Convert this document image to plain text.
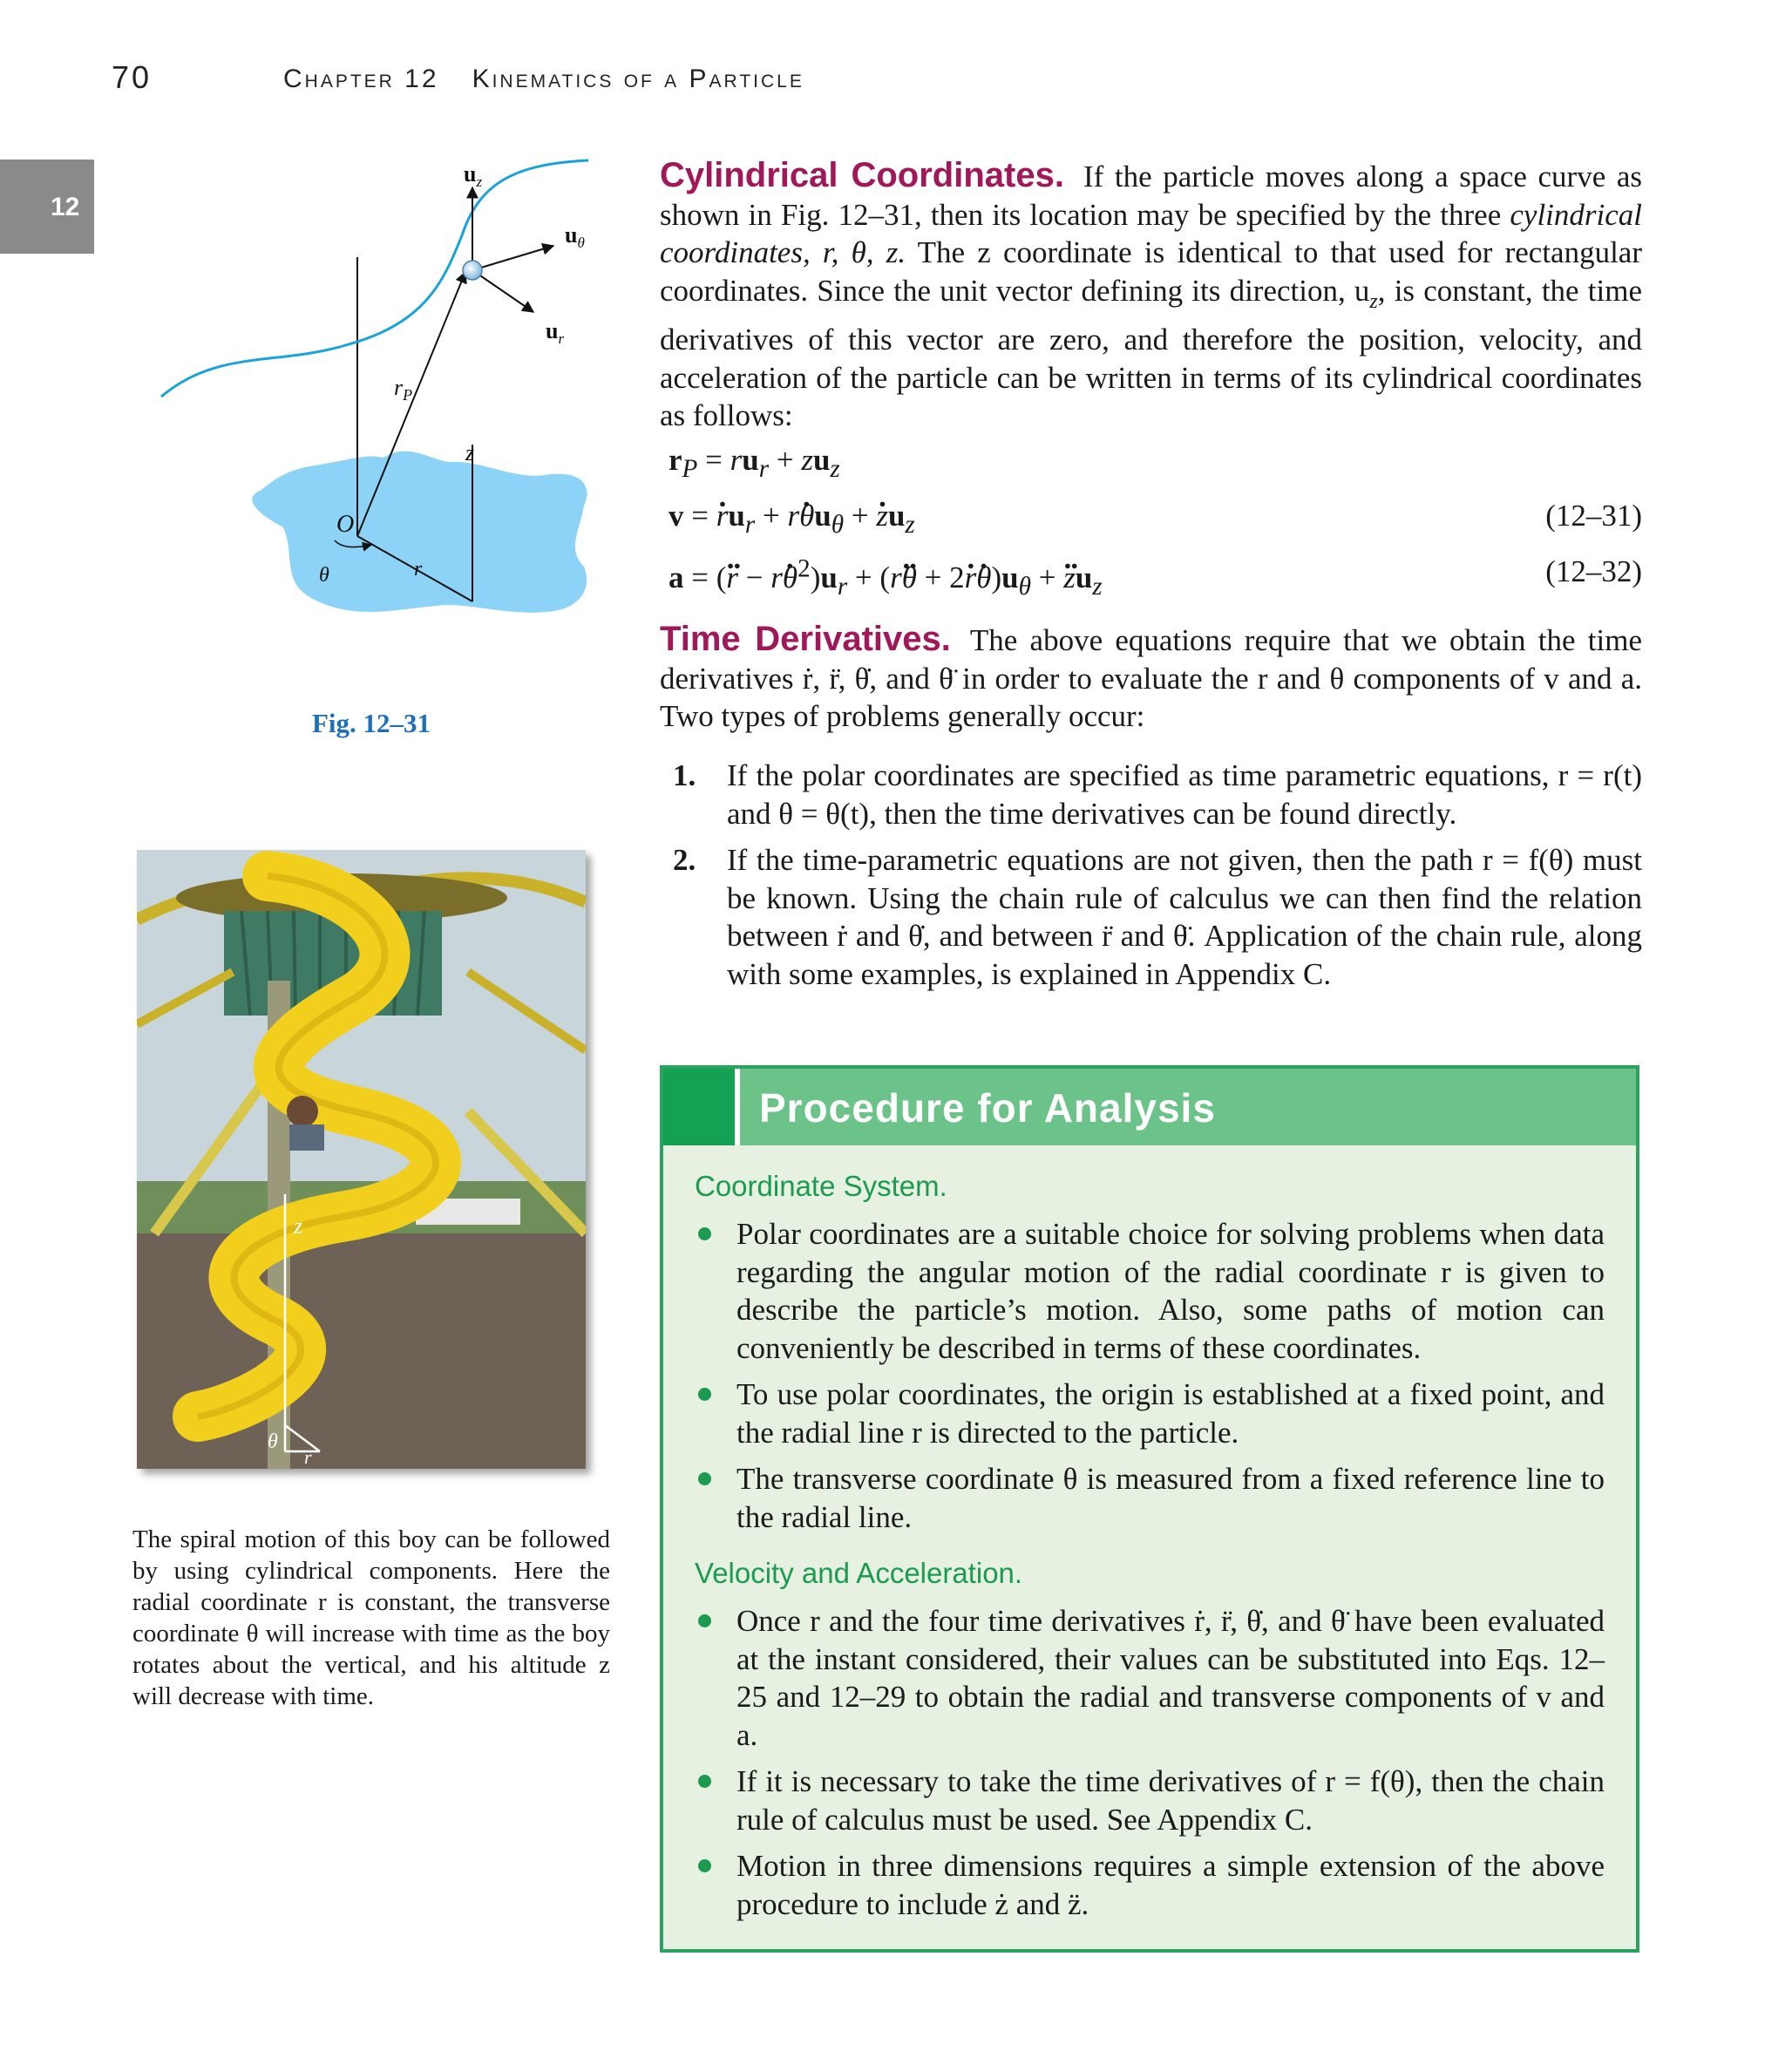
70	Chapter 12 Kinematics of a Particle
12
$u_z$
$u_\theta$
$u_r$
$r_P$
z
O
θ	r
Fig. 12–31
z
θ
r
The spiral motion of this boy can be followed by using cylindrical components. Here the radial coordinate r is constant, the transverse coordinate θ will increase with time as the boy rotates about the vertical, and his altitude z will decrease with time.
Cylindrical Coordinates. If the particle moves along a space curve as shown in Fig. 12–31, then its location may be specified by the three cylindrical coordinates, r, θ, z. The z coordinate is identical to that used for rectangular coordinates. Since the unit vector defining its direction, $u_z$, is constant, the time derivatives of this vector are zero, and therefore the position, velocity, and acceleration of the particle can be written in terms of its cylindrical coordinates as follows:
$r_P = ru_r + zu_z$
v = . $ru_r + r$. $\theta u_\theta$ + . $zu_z$	(12–31)
a = (.. r − r. $\theta^2)u_r + (r$.. θ + 2. r. $\theta)u_\theta$ + .. $zu_z$	(12–32)
Time Derivatives. The above equations require that we obtain the time derivatives ṙ, r̈, θ̇, and θ̈ in order to evaluate the r and θ components of v and a. Two types of problems generally occur:
1. If the polar coordinates are specified as time parametric equations, r = r(t) and θ = θ(t), then the time derivatives can be found directly.
2. If the time-parametric equations are not given, then the path r = f(θ) must be known. Using the chain rule of calculus we can then find the relation between ṙ and θ̇, and between r̈ and θ̈. Application of the chain rule, along with some examples, is explained in Appendix C.
Procedure for Analysis
Coordinate System.
Polar coordinates are a suitable choice for solving problems when data regarding the angular motion of the radial coordinate r is given to describe the particle’s motion. Also, some paths of motion can conveniently be described in terms of these coordinates.
To use polar coordinates, the origin is established at a fixed point, and the radial line r is directed to the particle.
The transverse coordinate θ is measured from a fixed reference line to the radial line.
Velocity and Acceleration.
Once r and the four time derivatives ṙ, r̈, θ̇, and θ̈ have been evaluated at the instant considered, their values can be substituted into Eqs. 12–25 and 12–29 to obtain the radial and transverse components of v and a.
If it is necessary to take the time derivatives of r = f(θ), then the chain rule of calculus must be used. See Appendix C.
Motion in three dimensions requires a simple extension of the above procedure to include ż and z̈.
